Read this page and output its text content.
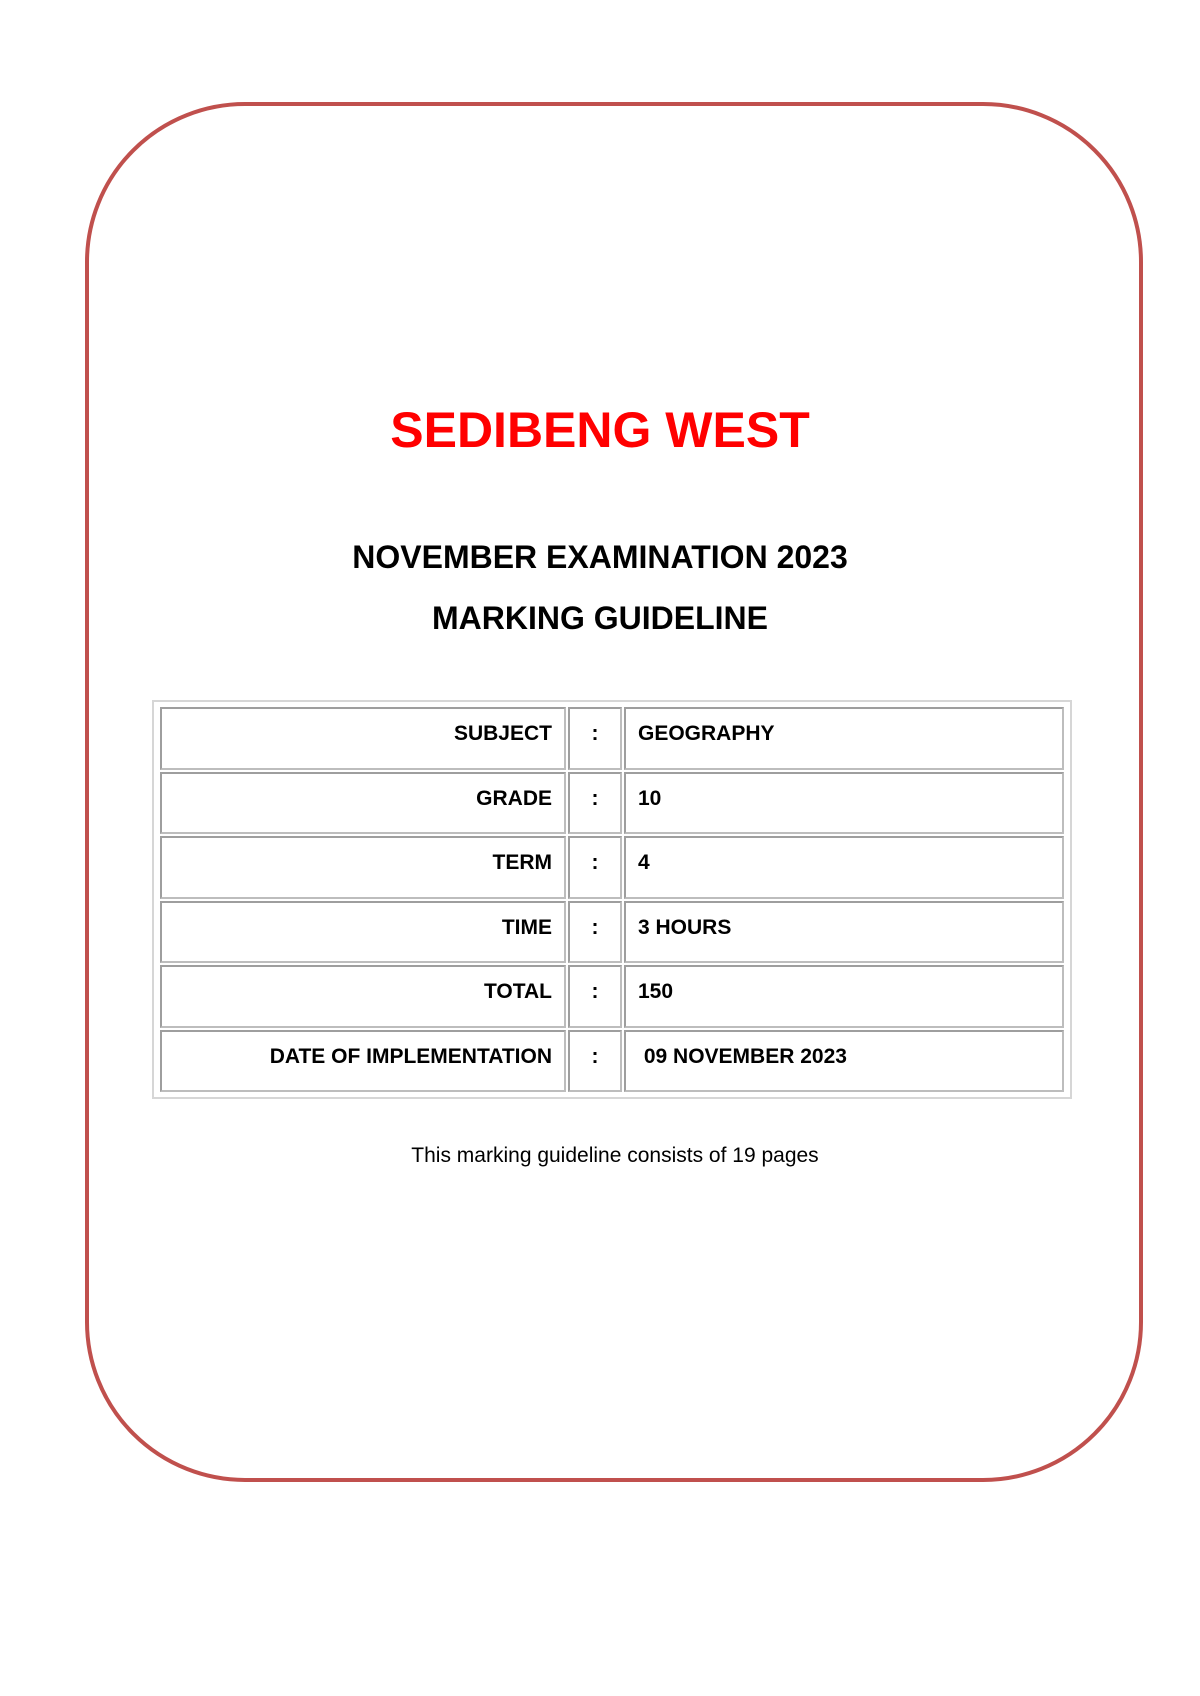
SEDIBENG WEST
NOVEMBER EXAMINATION 2023
MARKING GUIDELINE
SUBJECT	:	GEOGRAPHY
GRADE	:	10
TERM	:	4
TIME	:	3 HOURS
TOTAL	:	150
DATE OF IMPLEMENTATION	:	09 NOVEMBER 2023
This marking guideline consists of 19 pages
